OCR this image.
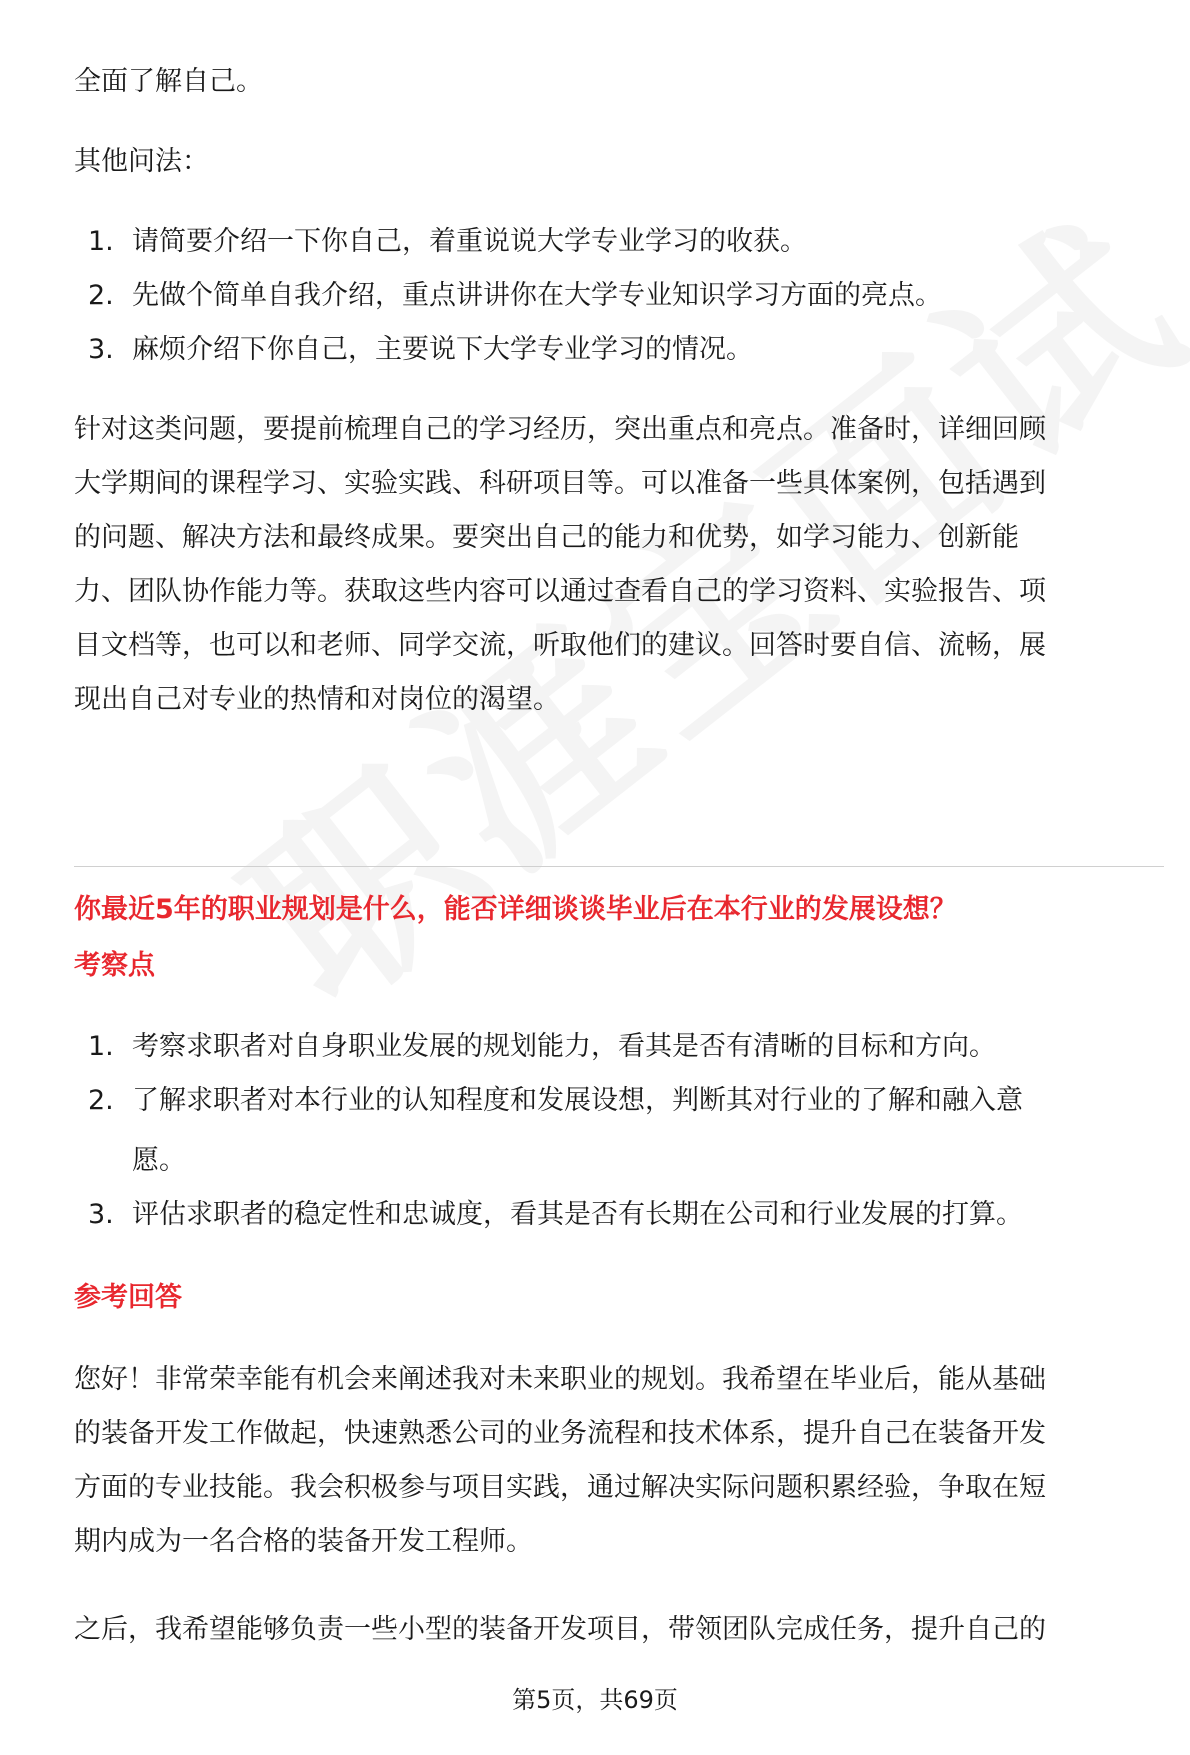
全面了解自己。

其他问法：

1. 请简要介绍一下你自己，着重说说大学专业学习的收获。
2. 先做个简单自我介绍，重点讲讲你在大学专业知识学习方面的亮点。
3. 麻烦介绍下你自己，主要说下大学专业学习的情况。

针对这类问题，要提前梳理自己的学习经历，突出重点和亮点。准备时，详细回顾

大学期间的课程学习、实验实践、科研项目等。可以准备一些具体案例，包括遇到

的问题、解决方法和最终成果。要突出自己的能力和优势，如学习能力、创新能

力、团队协作能力等。获取这些内容可以通过查看自己的学习资料、实验报告、项

目文档等，也可以和老师、同学交流，听取他们的建议。回答时要自信、流畅，展

现出自己对专业的热情和对岗位的渴望。

你最近5年的职业规划是什么，能否详细谈谈毕业后在本行业的发展设想？
考察点
1. 考察求职者对自身职业发展的规划能力，看其是否有清晰的目标和方向。
2. 了解求职者对本行业的认知程度和发展设想，判断其对行业的了解和融入意
愿。
3. 评估求职者的稳定性和忠诚度，看其是否有长期在公司和行业发展的打算。
参考回答

您好！非常荣幸能有机会来阐述我对未来职业的规划。我希望在毕业后，能从基础

的装备开发工作做起，快速熟悉公司的业务流程和技术体系，提升自己在装备开发

方面的专业技能。我会积极参与项目实践，通过解决实际问题积累经验，争取在短

期内成为一名合格的装备开发工程师。

之后，我希望能够负责一些小型的装备开发项目，带领团队完成任务，提升自己的

第5页，共69页
